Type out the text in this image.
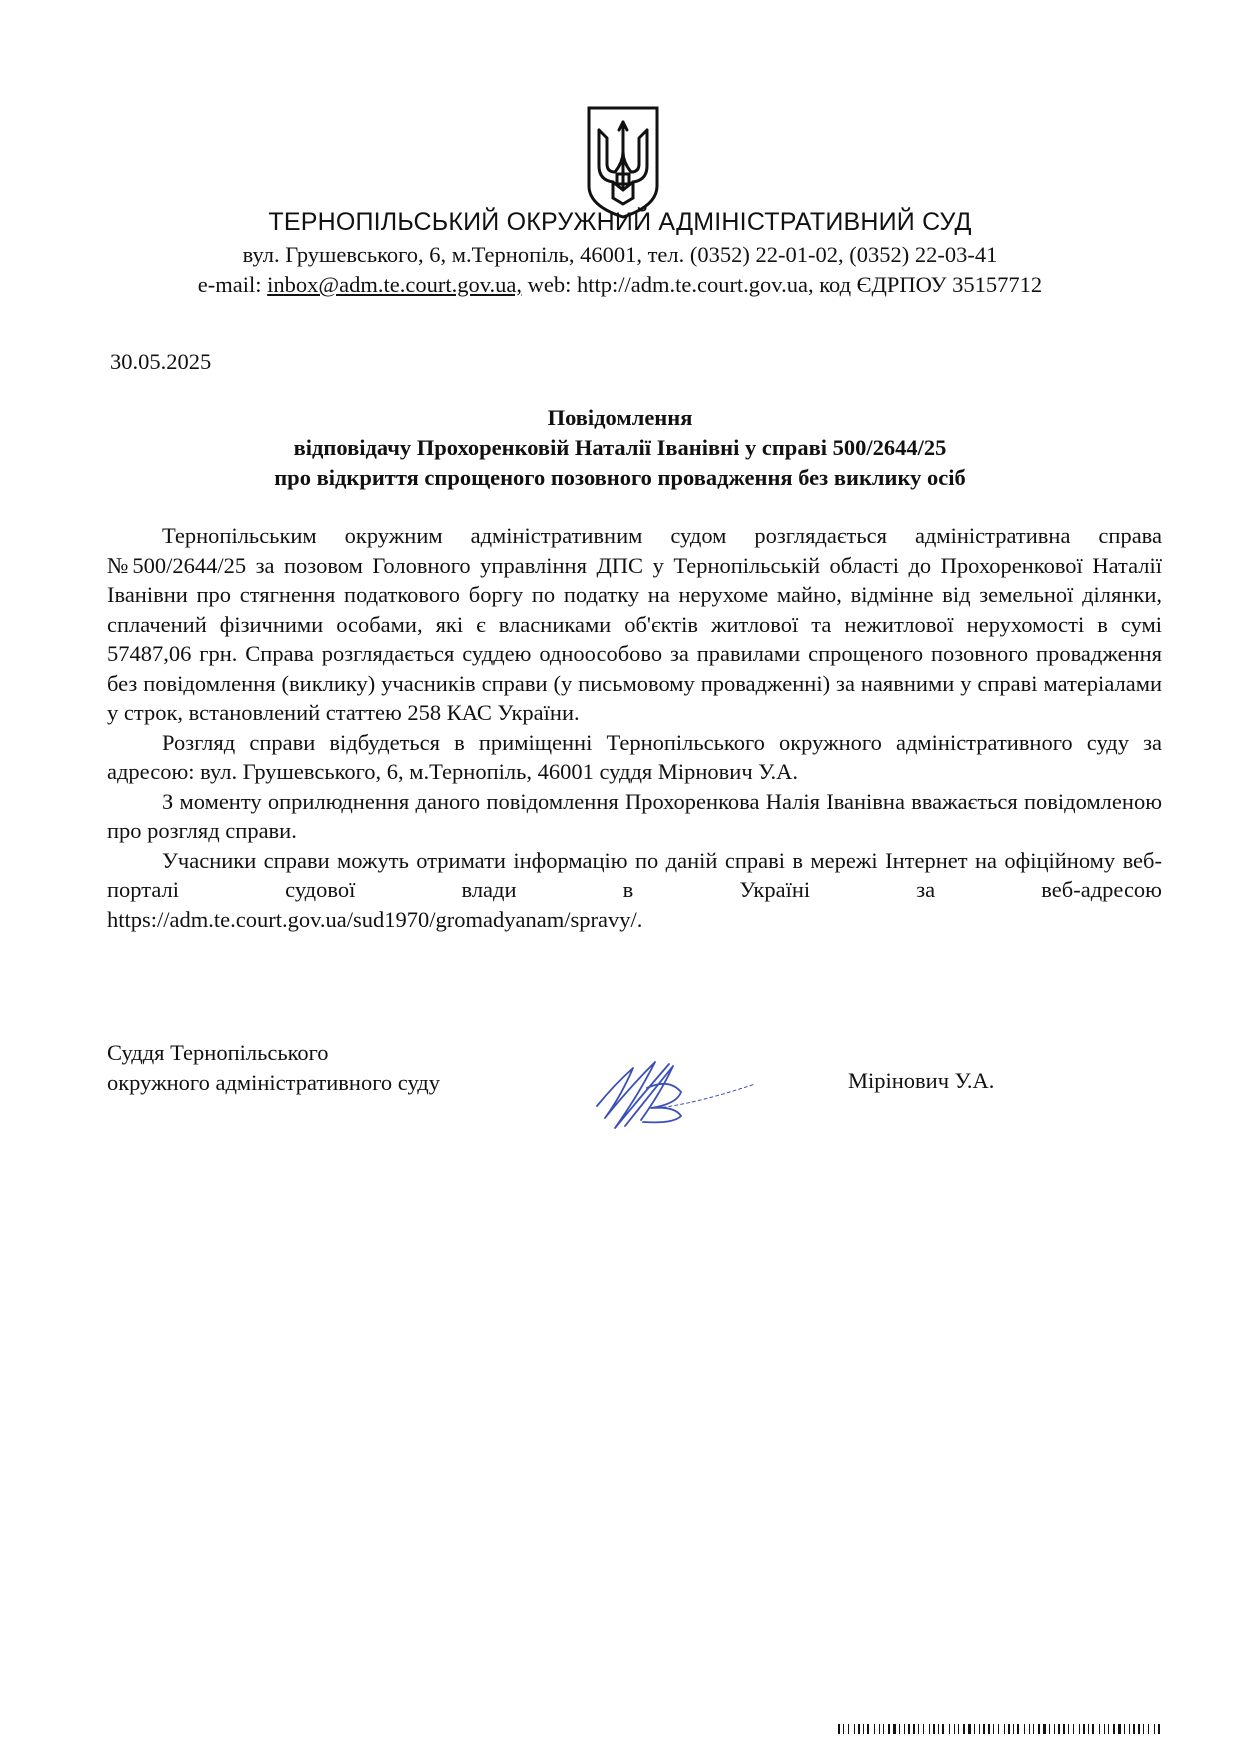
ТЕРНОПІЛЬСЬКИЙ ОКРУЖНИЙ АДМІНІСТРАТИВНИЙ СУД
вул. Грушевського, 6, м.Тернопіль, 46001, тел. (0352) 22-01-02, (0352) 22-03-41
e-mail: inbox@adm.te.court.gov.ua, web: http://adm.te.court.gov.ua, код ЄДРПОУ 35157712
30.05.2025
Повідомлення
відповідачу Прохоренковій Наталії Іванівні у справі 500/2644/25
про відкриття спрощеного позовного провадження без виклику осіб

Тернопільським окружним адміністративним судом розглядається адміністративна справа №500/2644/25 за позовом Головного управління ДПС у Тернопільській області до Прохоренкової Наталії Іванівни про стягнення податкового боргу по податку на нерухоме майно, відмінне від земельної ділянки, сплачений фізичними особами, які є власниками об'єктів житлової та нежитлової нерухомості в сумі 57487,06 грн. Справа розглядається суддею одноособово за правилами спрощеного позовного провадження без повідомлення (виклику) учасників справи (у письмовому провадженні) за наявними у справі матеріалами у строк, встановлений статтею 258 КАС України.

Розгляд справи відбудеться в приміщенні Тернопільського окружного адміністративного суду за адресою: вул. Грушевського, 6, м.Тернопіль, 46001 суддя Мірнович У.А.

З моменту оприлюднення даного повідомлення Прохоренкова Налія Іванівна вважається повідомленою про розгляд справи.

Учасники справи можуть отримати інформацію по даній справі в мережі Інтернет на офіційному веб-порталі судової влади в Україні за веб-адресою

https://adm.te.court.gov.ua/sud1970/gromadyanam/spravy/.

Суддя Тернопільського
окружного адміністративного суду	Мірінович У.А.
